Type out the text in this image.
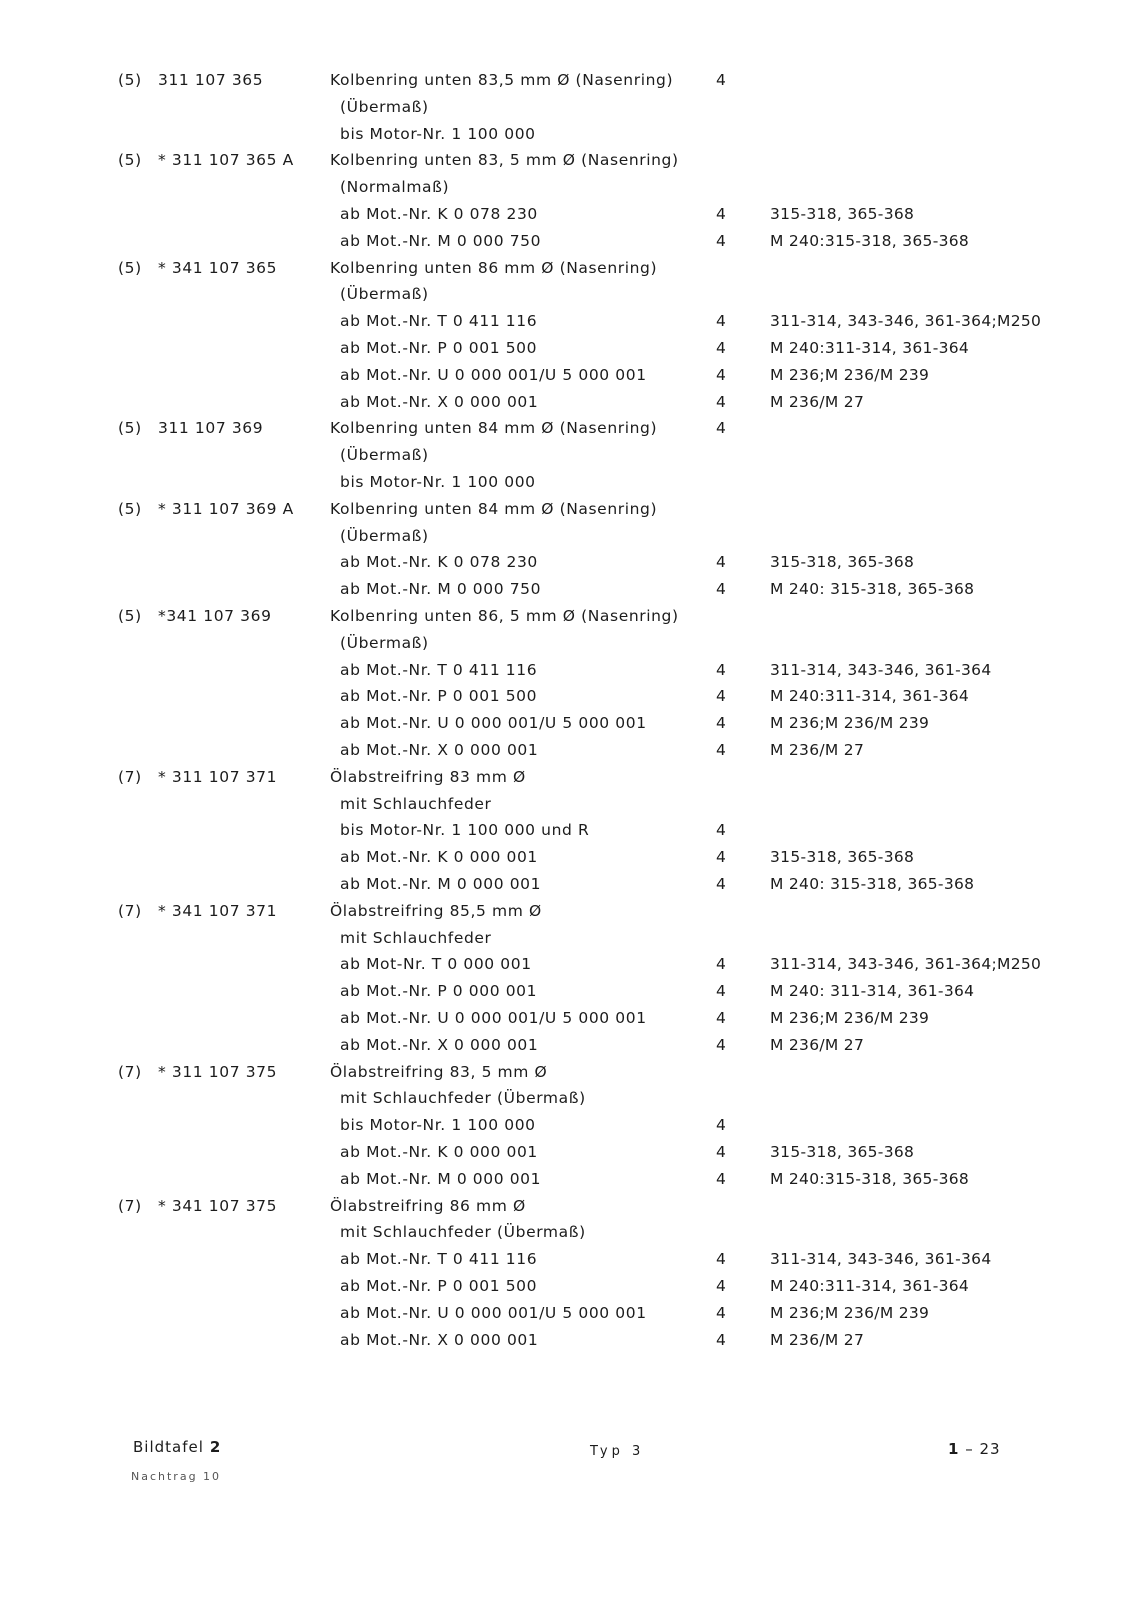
(5) 311 107 365	Kolbenring unten 83,5 mm Ø (Nasenring)	4
(Übermaß)
bis Motor-Nr. 1 100 000
(5) * 311 107 365 A Kolbenring unten 83, 5 mm Ø (Nasenring)
(Normalmaß)
ab Mot.-Nr. K 0 078 230	4	315-318, 365-368
ab Mot.-Nr. M 0 000 750	4	M 240:315-318, 365-368
(5) * 341 107 365	Kolbenring unten 86 mm Ø (Nasenring)
(Übermaß)
ab Mot.-Nr. T 0 411 116	4	311-314, 343-346, 361-364;M250
ab Mot.-Nr. P 0 001 500	4	M 240:311-314, 361-364
ab Mot.-Nr. U 0 000 001/U 5 000 001	4	M 236;M 236/M 239
ab Mot.-Nr. X 0 000 001	4	M 236/M 27
(5) 311 107 369	Kolbenring unten 84 mm Ø (Nasenring)	4
(Übermaß)
bis Motor-Nr. 1 100 000
(5) * 311 107 369 A Kolbenring unten 84 mm Ø (Nasenring)
(Übermaß)
ab Mot.-Nr. K 0 078 230	4	315-318, 365-368
ab Mot.-Nr. M 0 000 750	4	M 240: 315-318, 365-368
(5) *341 107 369	Kolbenring unten 86, 5 mm Ø (Nasenring)
(Übermaß)
ab Mot.-Nr. T 0 411 116	4	311-314, 343-346, 361-364
ab Mot.-Nr. P 0 001 500	4	M 240:311-314, 361-364
ab Mot.-Nr. U 0 000 001/U 5 000 001	4	M 236;M 236/M 239
ab Mot.-Nr. X 0 000 001	4	M 236/M 27
(7) * 311 107 371	Ölabstreifring 83 mm Ø
mit Schlauchfeder
bis Motor-Nr. 1 100 000 und R	4
ab Mot.-Nr. K 0 000 001	4	315-318, 365-368
ab Mot.-Nr. M 0 000 001	4	M 240: 315-318, 365-368
(7) * 341 107 371	Ölabstreifring 85,5 mm Ø
mit Schlauchfeder
ab Mot-Nr. T 0 000 001	4	311-314, 343-346, 361-364;M250
ab Mot.-Nr. P 0 000 001	4	M 240: 311-314, 361-364
ab Mot.-Nr. U 0 000 001/U 5 000 001	4	M 236;M 236/M 239
ab Mot.-Nr. X 0 000 001	4	M 236/M 27
(7) * 311 107 375	Ölabstreifring 83, 5 mm Ø
mit Schlauchfeder (Übermaß)
bis Motor-Nr. 1 100 000	4
ab Mot.-Nr. K 0 000 001	4	315-318, 365-368
ab Mot.-Nr. M 0 000 001	4	M 240:315-318, 365-368
(7) * 341 107 375	Ölabstreifring 86 mm Ø
mit Schlauchfeder (Übermaß)
ab Mot.-Nr. T 0 411 116	4	311-314, 343-346, 361-364
ab Mot.-Nr. P 0 001 500	4	M 240:311-314, 361-364
ab Mot.-Nr. U 0 000 001/U 5 000 001	4	M 236;M 236/M 239
ab Mot.-Nr. X 0 000 001	4	M 236/M 27
Bildtafel 2
Nachtrag 10
Typ 3	1 – 23
